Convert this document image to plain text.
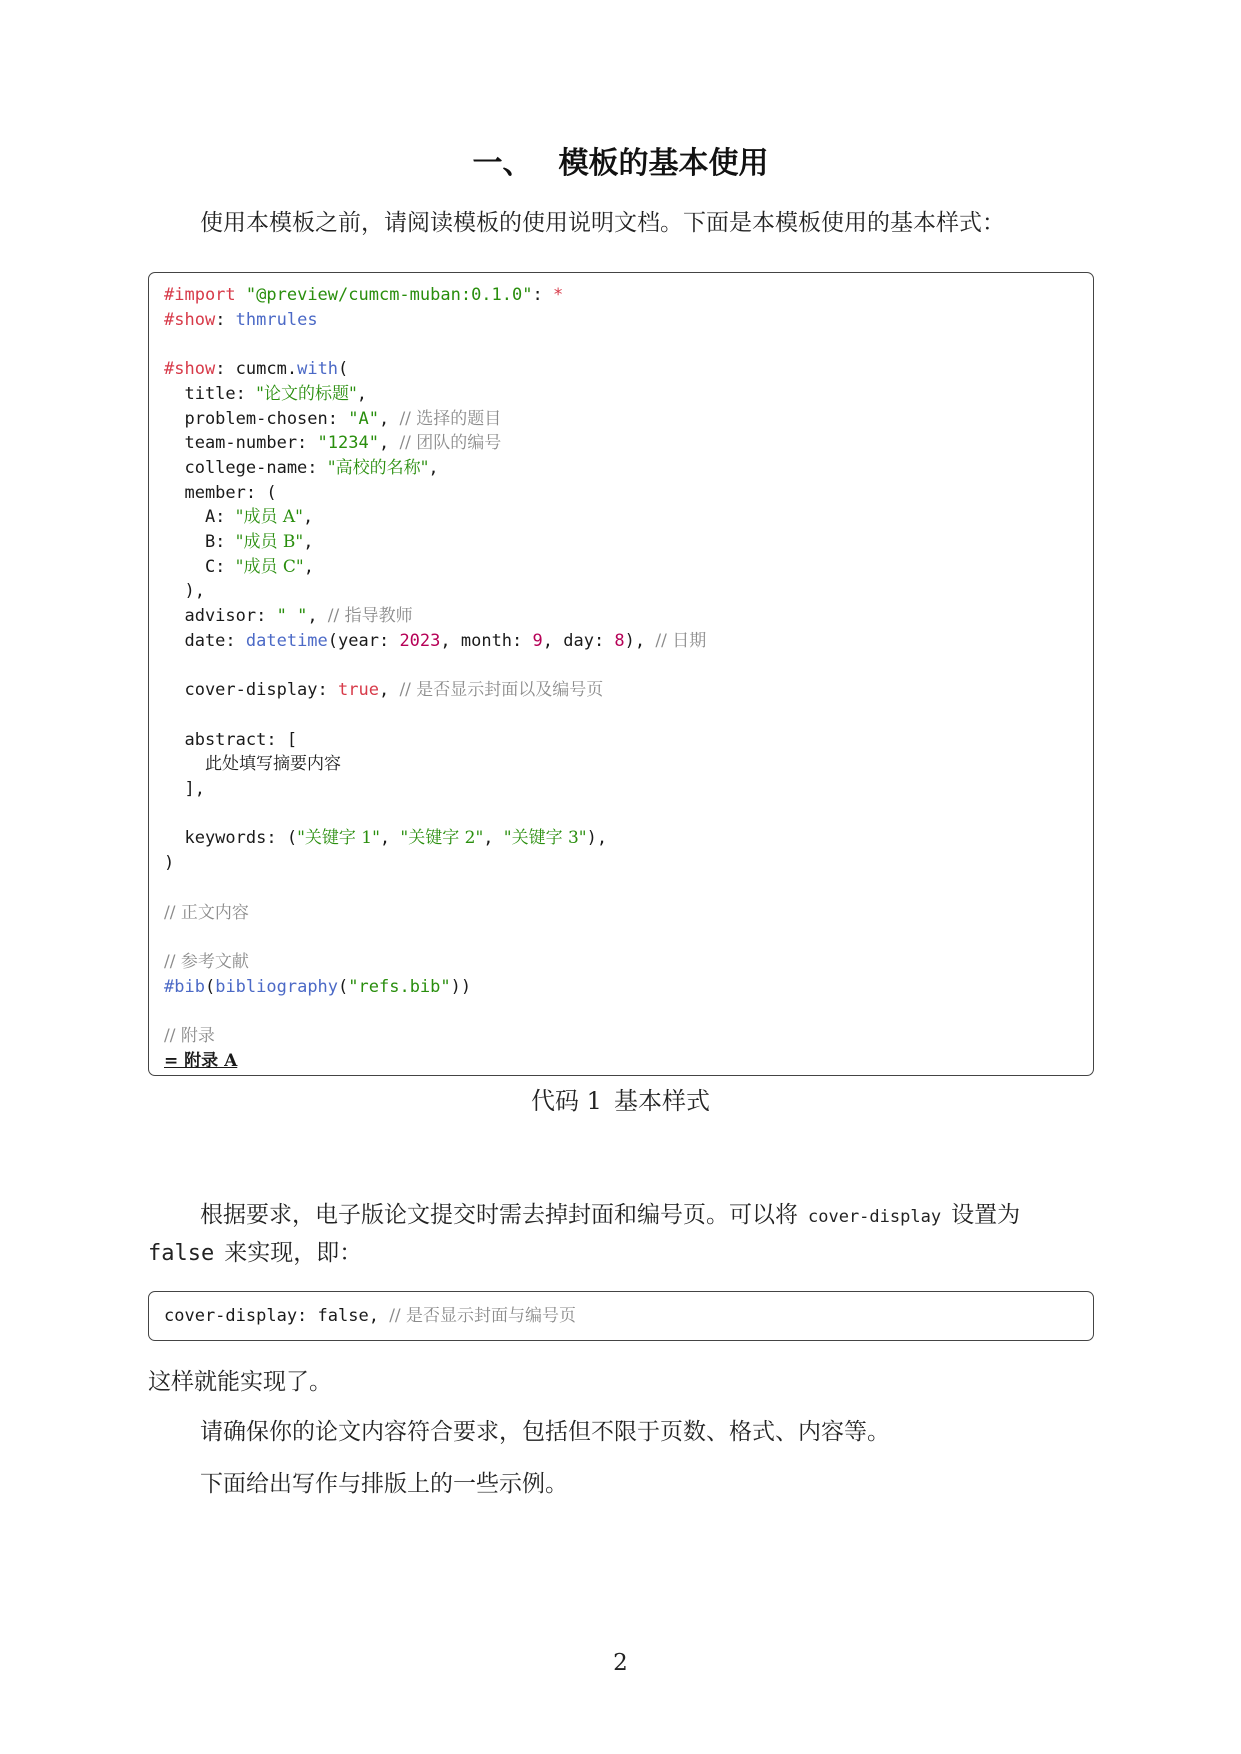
一、 模板的基本使用

使用本模板之前，请阅读模板的使用说明文档。下面是本模板使用的基本样式：

#import "@preview/cumcm-muban:0.1.0": *
#show: thmrules

#show: cumcm.with(
title: "论文的标题",
problem-chosen: "A", // 选择的题目
team-number: "1234", // 团队的编号
college-name: "高校的名称",
member: (
A: "成员 A",
B: "成员 B",
C: "成员 C",
),
advisor: " ", // 指导教师
date: datetime(year: 2023, month: 9, day: 8), // 日期

cover-display: true, // 是否显示封面以及编号页

abstract: [
此处填写摘要内容
],

keywords: ("关键字 1", "关键字 2", "关键字 3"),
)

// 正文内容

// 参考文献
#bib(bibliography("refs.bib"))

// 附录
= 附录 A

代码 1 基本样式

根据要求，电子版论文提交时需去掉封面和编号页。可以将 cover-display 设置为
false 来实现，即：

cover-display: false, // 是否显示封面与编号页

这样就能实现了。

请确保你的论文内容符合要求，包括但不限于页数、格式、内容等。

下面给出写作与排版上的一些示例。

2
